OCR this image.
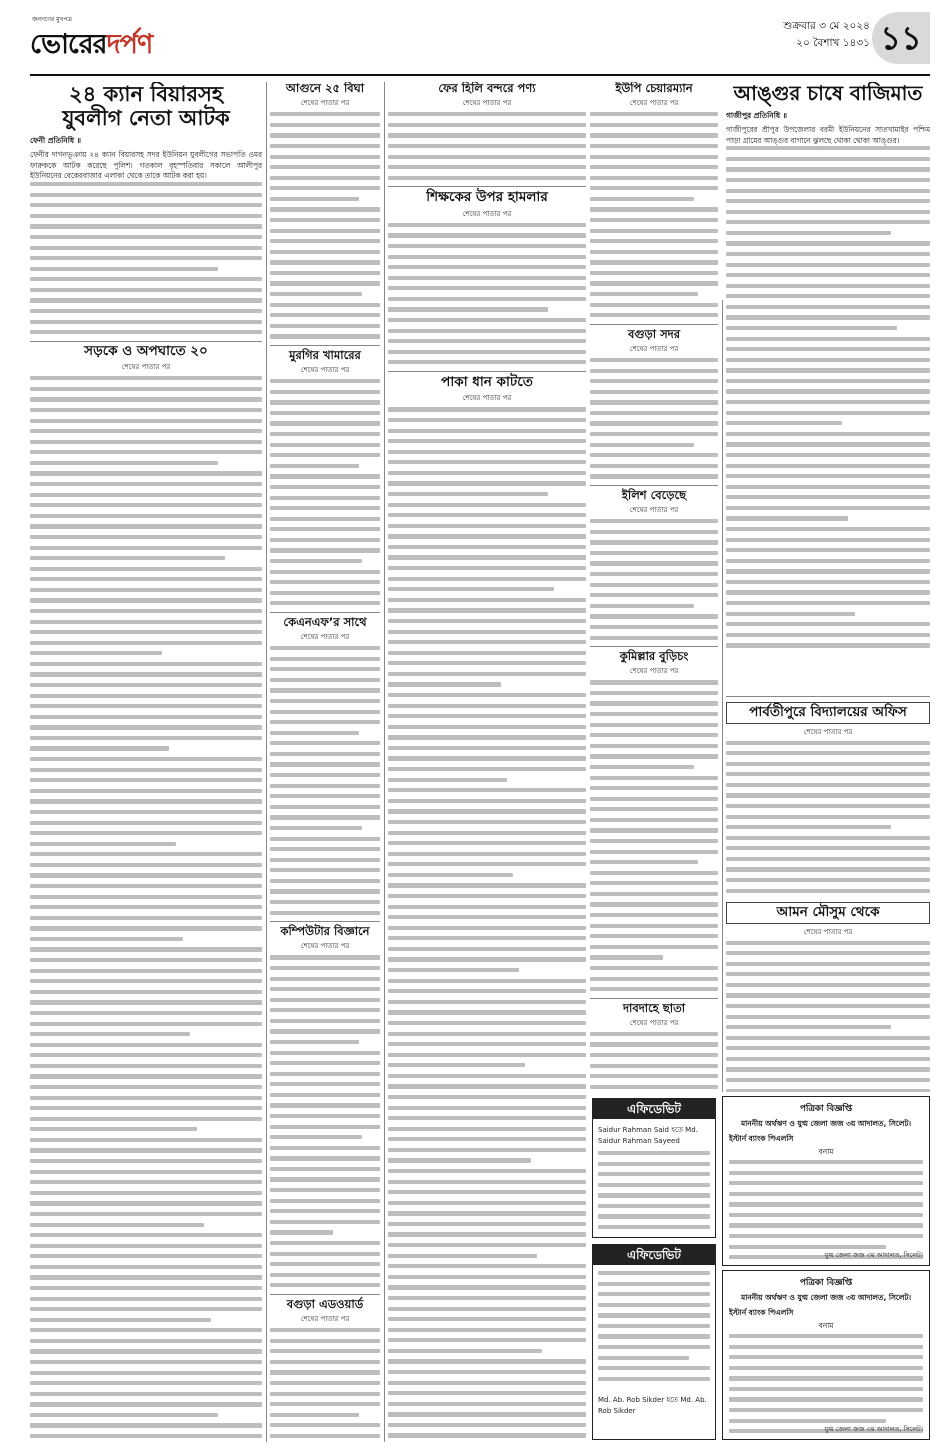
জনগণের মুখপত্র
ভোরেরদর্পণ
শুক্রবার ৩ মে ২০২৪
২০ বৈশাখ ১৪৩১ ১১
২৪ ক্যান বিয়ারসহ যুবলীগ নেতা আটক
ফেনী প্রতিনিধি ॥
ফেনীর দাগনভূঞায় ২৪ ক্যান বিয়ারসহ সদর ইউনিয়ন যুবলীগের সভাপতি ওমর ফারুককে আটক করেছে পুলিশ। গতকাল বৃহস্পতিবার সকালে আলীপুর ইউনিয়নের বেকেরবাজার এলাকা থেকে তাকে আটক করা হয়।
সড়কে ও অপঘাতে ২০
শেষের পাতার পর
আগুনে ২৫ বিঘা
শেষের পাতার পর
মুরগির খামারের
শেষের পাতার পর
কেএনএফ’র সাথে
শেষের পাতার পর
কম্পিউটার বিজ্ঞানে
শেষের পাতার পর
বগুড়া এডওয়ার্ড
শেষের পাতার পর
ফের হিলি বন্দরে পণ্য
শেষের পাতার পর
শিক্ষকের উপর হামলার
শেষের পাতার পর
পাকা ধান কাটতে
শেষের পাতার পর
ইউপি চেয়ারম্যান
শেষের পাতার পর
বগুড়া সদর
শেষের পাতার পর
ইলিশ বেড়েছে
শেষের পাতার পর
কুমিল্লার বুড়িচং
শেষের পাতার পর
দাবদাহে ছাতা
শেষের পাতার পর
এফিডেভিট
Saidur Rahman Said হতে Md. Saidur Rahman Sayeed
এফিডেভিট
Md. Ab. Rob Sikder হতে Md. Ab. Rob Sikder
আঙ্গুর চাষে বাজিমাত
গাজীপুর প্রতিনিধি ॥
গাজীপুরের শ্রীপুর উপজেলার বরমী ইউনিয়নের সাতখামাইর পশ্চিম পাড়া গ্রামের আঙ্গুর বাগানে ঝুলছে থোকা থোকা আঙ্গুর।
পার্বতীপুরে বিদ্যালয়ের অফিস
শেষের পাতার পর
আমন মৌসুম থেকে
শেষের পাতার পর
পত্রিকা বিজ্ঞপ্তি
মাননীয় অর্থঋণ ও যুগ্ম জেলা জজ ৩য় আদালত, সিলেট।
ইস্টার্ন ব্যাংক পিএলসি
বনাম
যুগ্ম জেলা জজ ৩য় আদালত, সিলেট।
পত্রিকা বিজ্ঞপ্তি
মাননীয় অর্থঋণ ও যুগ্ম জেলা জজ ৩য় আদালত, সিলেট।
ইস্টার্ন ব্যাংক পিএলসি
বনাম
যুগ্ম জেলা জজ ৩য় আদালত, সিলেট।
